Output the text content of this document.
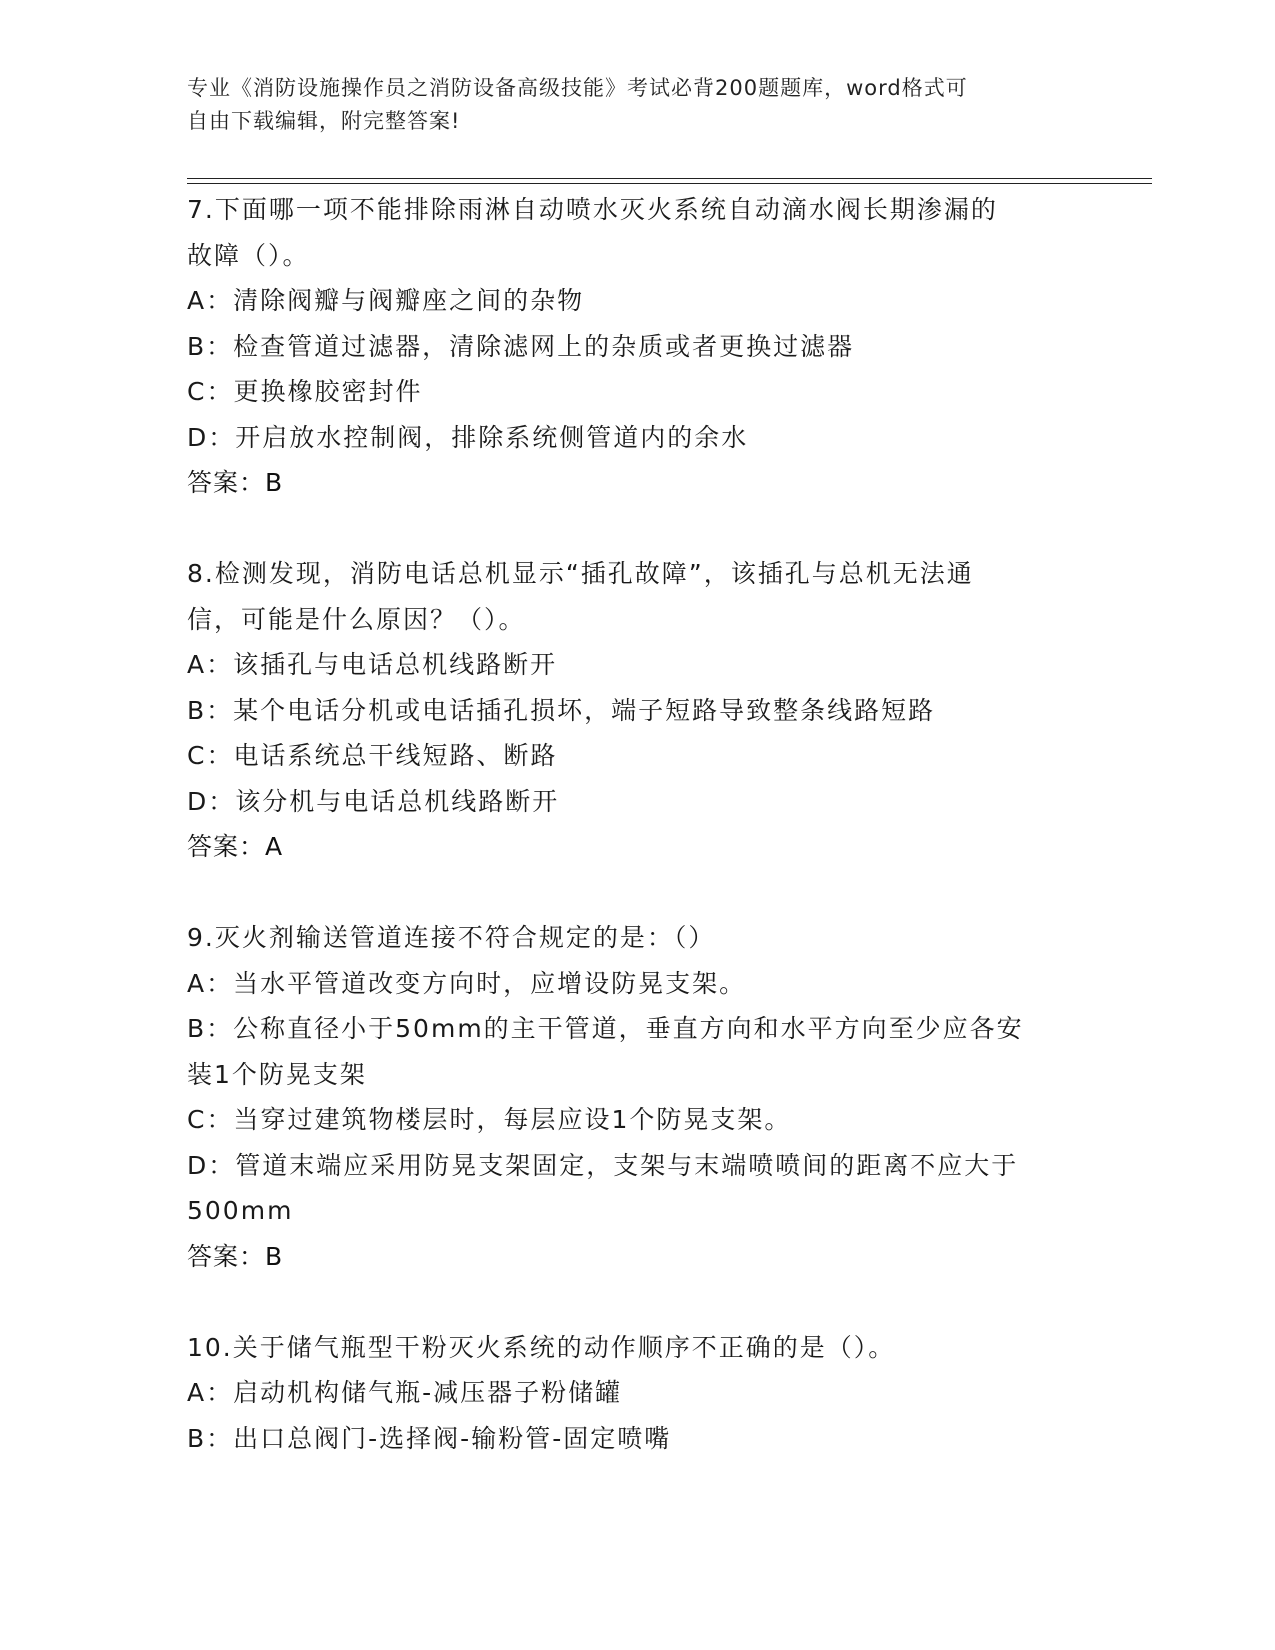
专业《消防设施操作员之消防设备高级技能》考试必背200题题库，word格式可
自由下载编辑，附完整答案!
7.下面哪一项不能排除雨淋自动喷水灭火系统自动滴水阀长期渗漏的
故障（）。
A：清除阀瓣与阀瓣座之间的杂物
B：检查管道过滤器，清除滤网上的杂质或者更换过滤器
C：更换橡胶密封件
D：开启放水控制阀，排除系统侧管道内的余水
答案：B
8.检测发现，消防电话总机显示“插孔故障”，该插孔与总机无法通
信，可能是什么原因？（）。
A：该插孔与电话总机线路断开
B：某个电话分机或电话插孔损坏，端子短路导致整条线路短路
C：电话系统总干线短路、断路
D：该分机与电话总机线路断开
答案：A
9.灭火剂输送管道连接不符合规定的是：（）
A：当水平管道改变方向时，应增设防晃支架。
B：公称直径小于50mm的主干管道，垂直方向和水平方向至少应各安
装1个防晃支架
C：当穿过建筑物楼层时，每层应设1个防晃支架。
D：管道末端应采用防晃支架固定，支架与末端喷喷间的距离不应大于
500mm
答案：B
10.关于储气瓶型干粉灭火系统的动作顺序不正确的是（）。
A：启动机构储气瓶-减压器子粉储罐
B：出口总阀门-选择阀-输粉管-固定喷嘴
